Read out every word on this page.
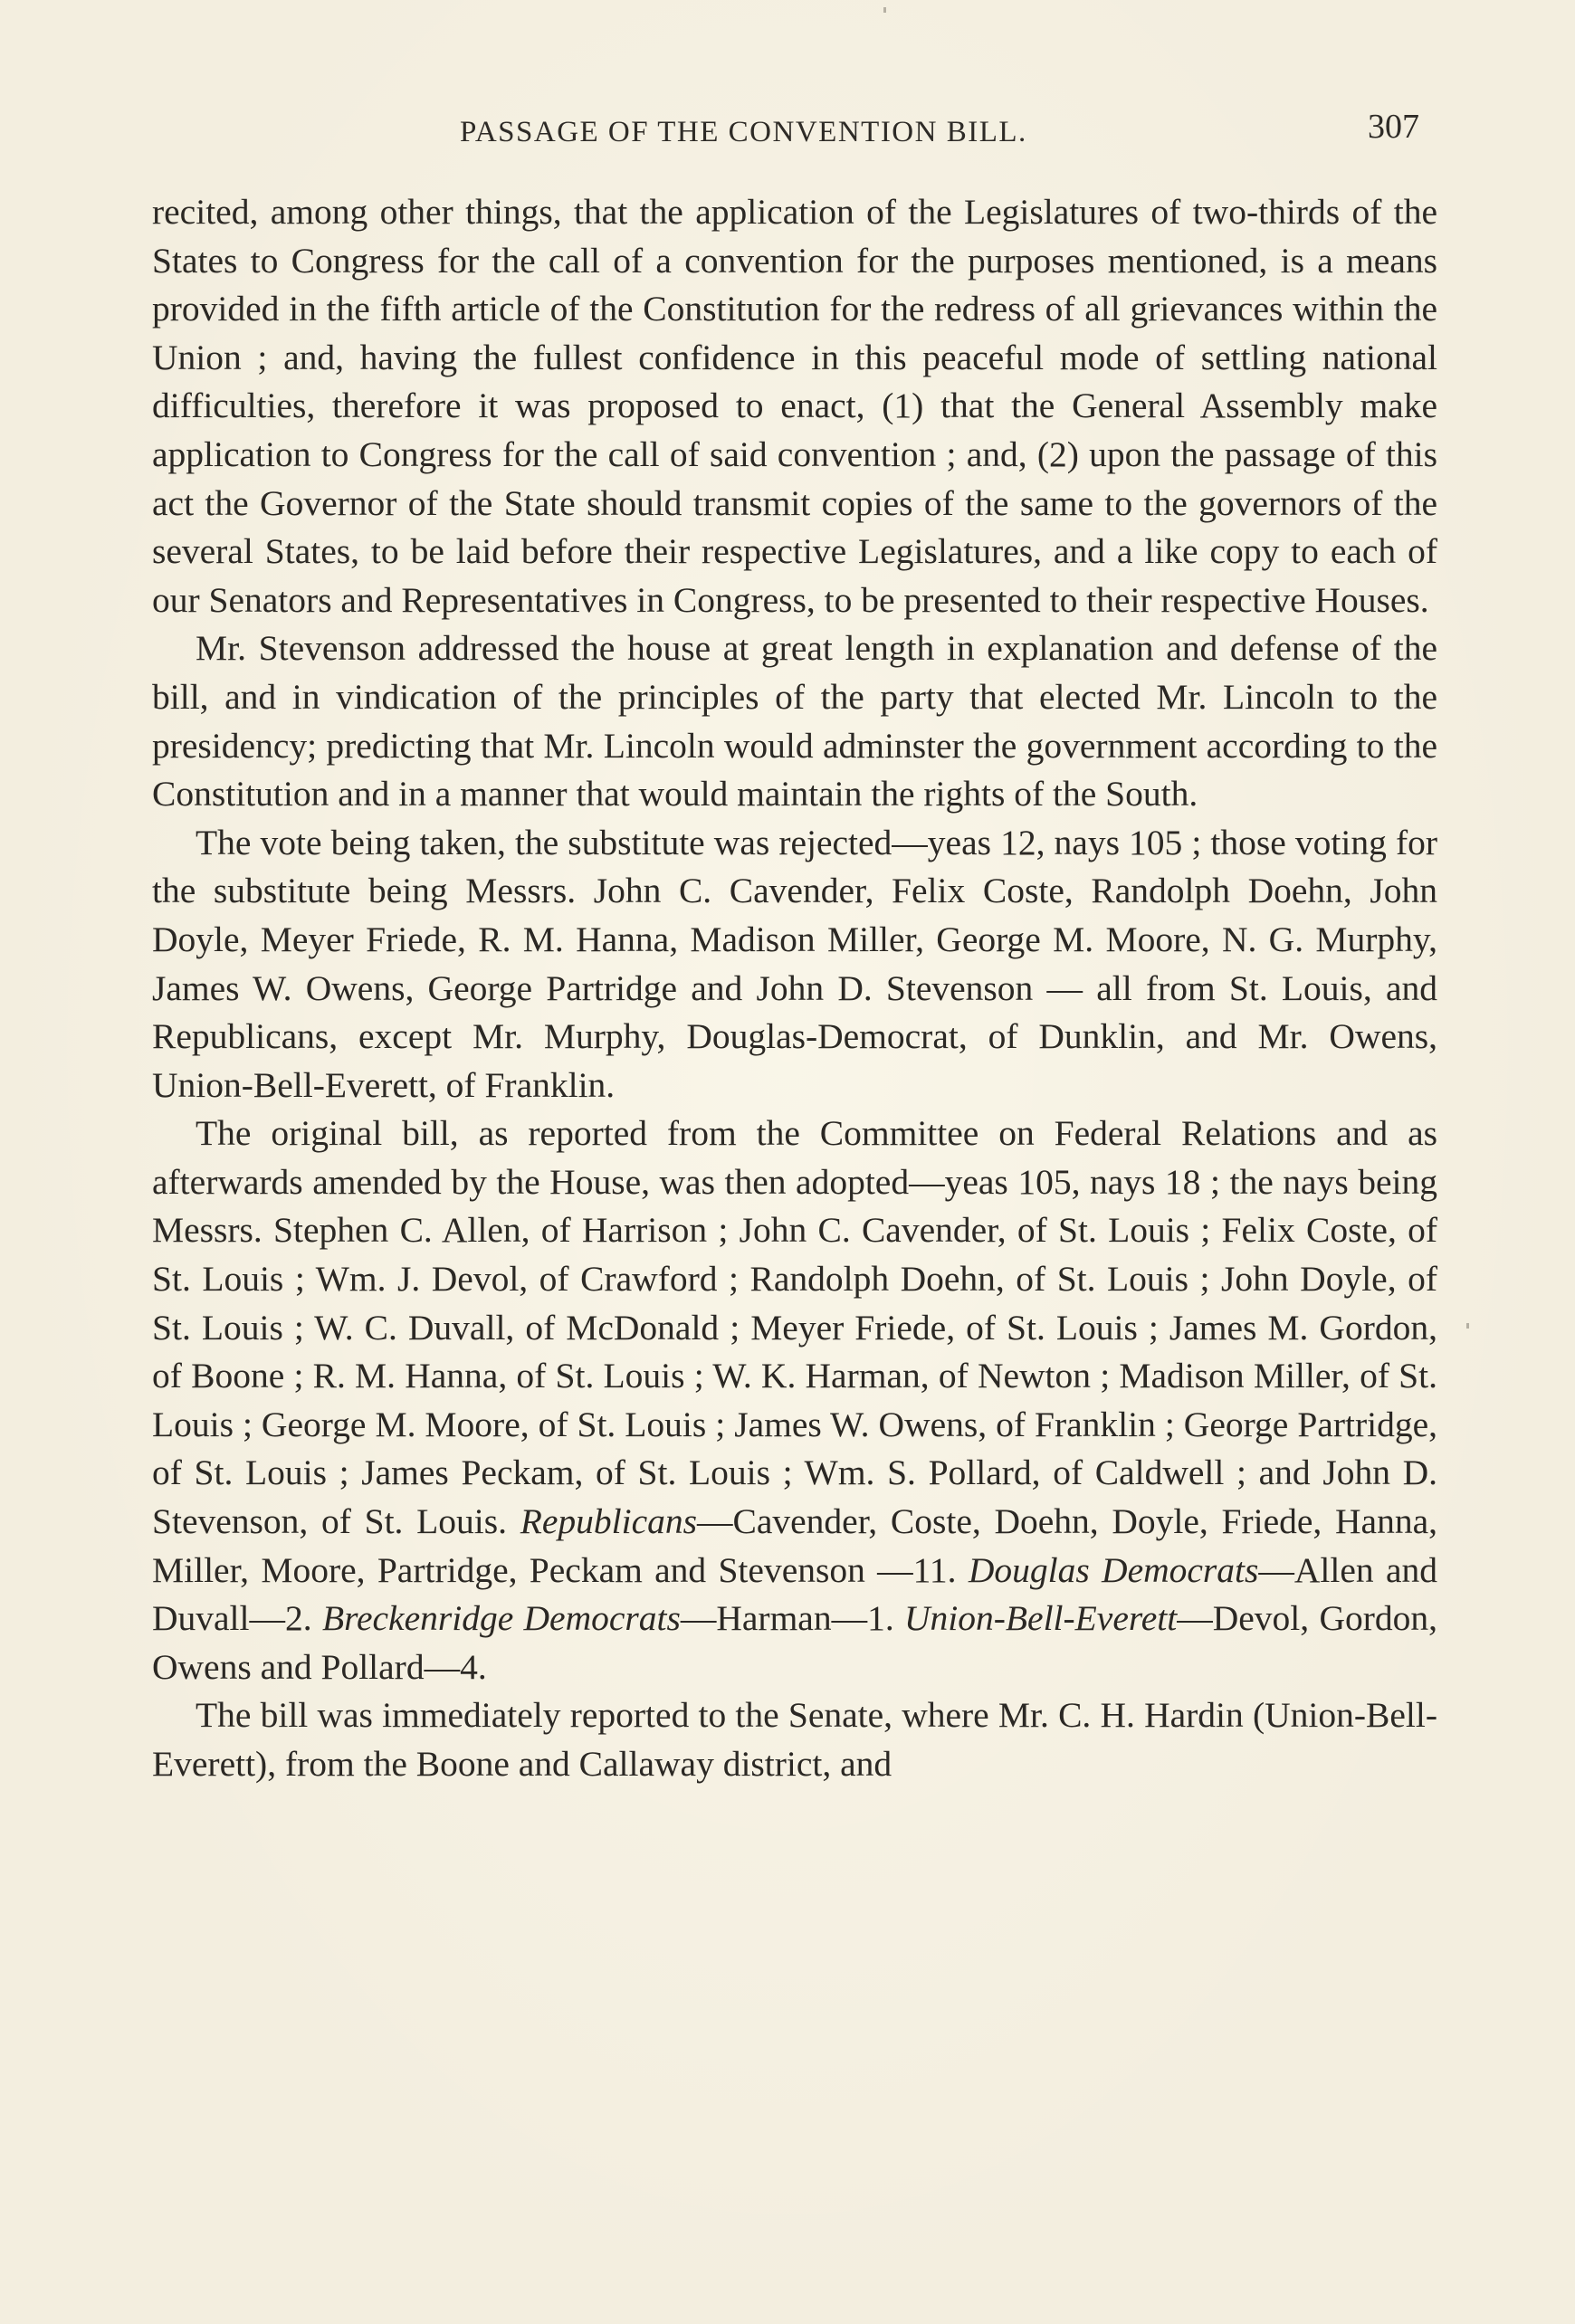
PASSAGE OF THE CONVENTION BILL.	307

recited, among other things, that the application of the Legislatures of two-thirds of the States to Congress for the call of a convention for the purposes mentioned, is a means provided in the fifth article of the Constitution for the redress of all grievances within the Union ; and, having the fullest confidence in this peaceful mode of settling national difficulties, therefore it was proposed to enact, (1) that the General Assembly make application to Congress for the call of said convention ; and, (2) upon the passage of this act the Governor of the State should transmit copies of the same to the governors of the several States, to be laid before their respective Legislatures, and a like copy to each of our Senators and Representatives in Congress, to be presented to their respective Houses.

Mr. Stevenson addressed the house at great length in explanation and defense of the bill, and in vindication of the principles of the party that elected Mr. Lincoln to the presidency; predicting that Mr. Lincoln would adminster the government according to the Constitution and in a manner that would maintain the rights of the South.

The vote being taken, the substitute was rejected—yeas 12, nays 105 ; those voting for the substitute being Messrs. John C. Cavender, Felix Coste, Randolph Doehn, John Doyle, Meyer Friede, R. M. Hanna, Madison Miller, George M. Moore, N. G. Murphy, James W. Owens, George Partridge and John D. Stevenson — all from St. Louis, and Republicans, except Mr. Murphy, Douglas-Democrat, of Dunklin, and Mr. Owens, Union-Bell-Everett, of Franklin.

The original bill, as reported from the Committee on Federal Relations and as afterwards amended by the House, was then adopted—yeas 105, nays 18 ; the nays being Messrs. Stephen C. Allen, of Harrison ; John C. Cavender, of St. Louis ; Felix Coste, of St. Louis ; Wm. J. Devol, of Crawford ; Randolph Doehn, of St. Louis ; John Doyle, of St. Louis ; W. C. Duvall, of McDonald ; Meyer Friede, of St. Louis ; James M. Gordon, of Boone ; R. M. Hanna, of St. Louis ; W. K. Harman, of Newton ; Madison Miller, of St. Louis ; George M. Moore, of St. Louis ; James W. Owens, of Franklin ; George Partridge, of St. Louis ; James Peckam, of St. Louis ; Wm. S. Pollard, of Caldwell ; and John D. Stevenson, of St. Louis. Republicans—Cavender, Coste, Doehn, Doyle, Friede, Hanna, Miller, Moore, Partridge, Peckam and Stevenson —11. Douglas Democrats—Allen and Duvall—2. Breckenridge Democrats—Harman—1. Union-Bell-Everett—Devol, Gordon, Owens and Pollard—4.

The bill was immediately reported to the Senate, where Mr. C. H. Hardin (Union-Bell-Everett), from the Boone and Callaway district, and
